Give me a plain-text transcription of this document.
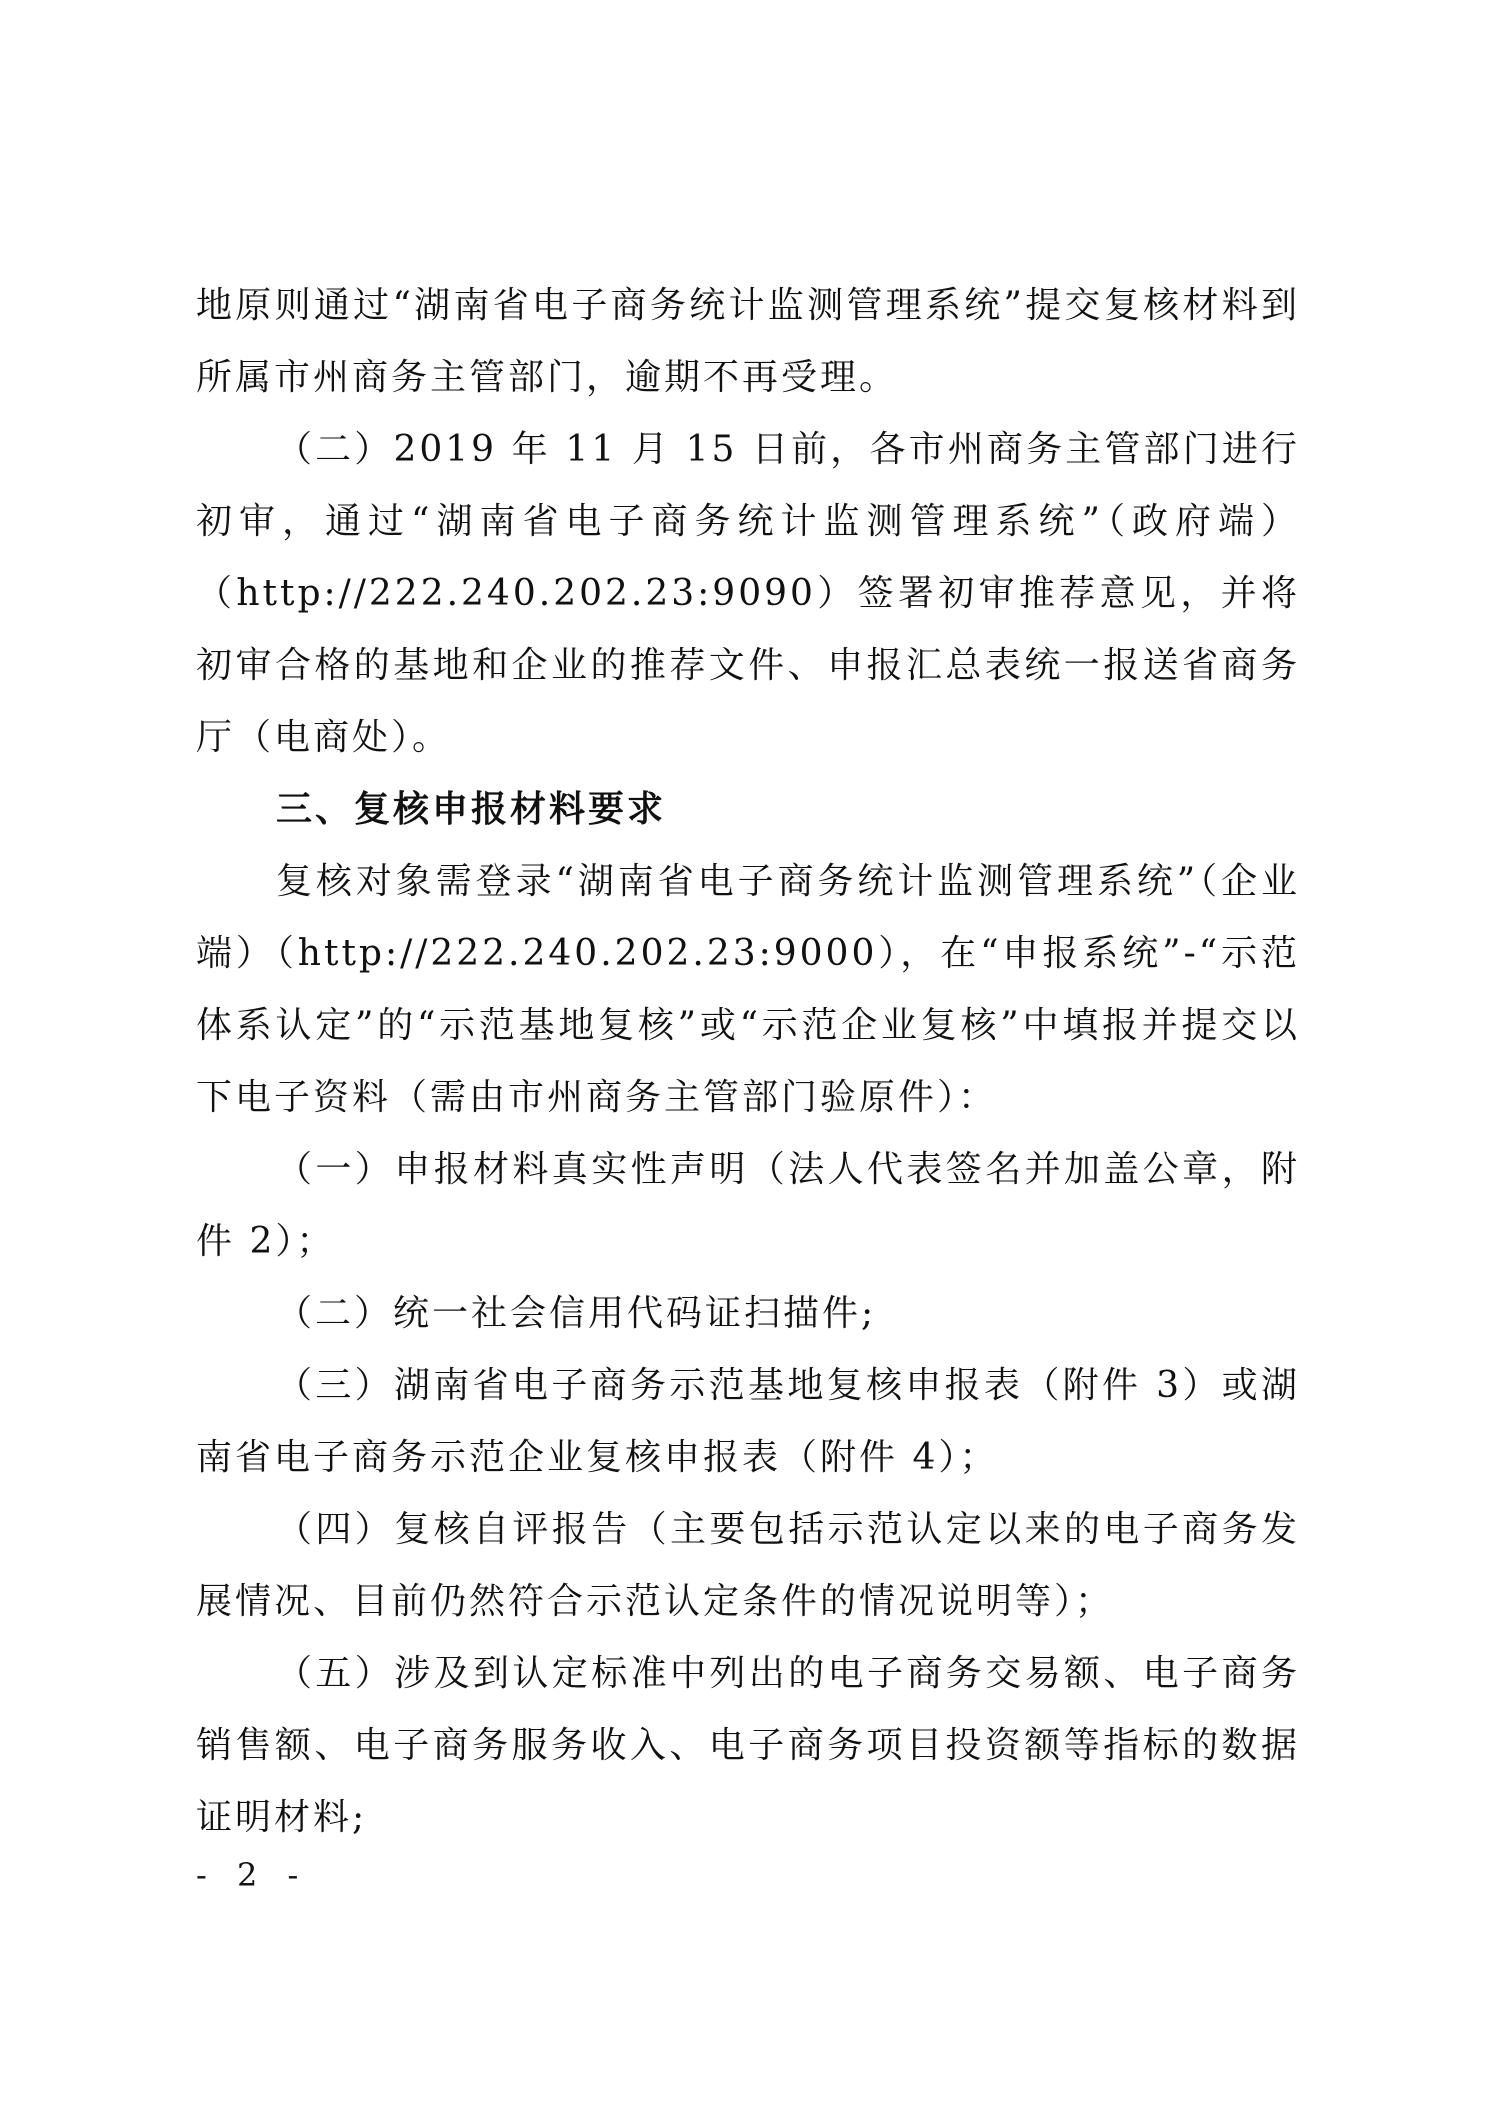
地原则通过“湖南省电子商务统计监测管理系统”提交复核材料到所属市州商务主管部门，逾期不再受理。

（二）2019 年 11 月 15 日前，各市州商务主管部门进行初审，通过“湖南省电子商务统计监测管理系统”（政府端）（http://222.240.202.23:9090）签署初审推荐意见，并将初审合格的基地和企业的推荐文件、申报汇总表统一报送省商务厅（电商处）。

三、复核申报材料要求

复核对象需登录“湖南省电子商务统计监测管理系统”（企业端）（http://222.240.202.23:9000），在“申报系统”-“示范体系认定”的“示范基地复核”或“示范企业复核”中填报并提交以下电子资料（需由市州商务主管部门验原件）：

（一）申报材料真实性声明（法人代表签名并加盖公章，附件 2）；

（二）统一社会信用代码证扫描件;

（三）湖南省电子商务示范基地复核申报表（附件 3）或湖南省电子商务示范企业复核申报表（附件 4）；

（四）复核自评报告（主要包括示范认定以来的电子商务发展情况、目前仍然符合示范认定条件的情况说明等）；

（五）涉及到认定标准中列出的电子商务交易额、电子商务销售额、电子商务服务收入、电子商务项目投资额等指标的数据证明材料;

- 2 -
